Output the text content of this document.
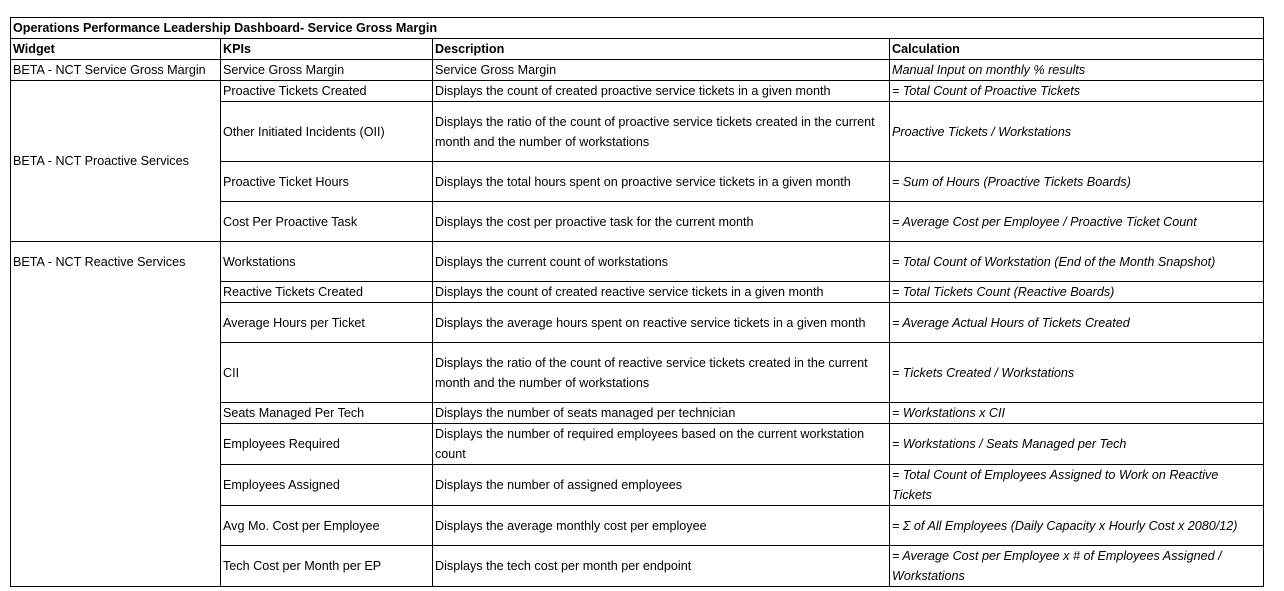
Operations Performance Leadership Dashboard- Service Gross Margin			
Widget	KPIs	Description	Calculation
BETA - NCT Service Gross Margin	Service Gross Margin	Service Gross Margin	Manual Input on monthly % results
BETA - NCT Proactive Services	Proactive Tickets Created	Displays the count of created proactive service tickets in a given month	= Total Count of Proactive Tickets
	Other Initiated Incidents (OII)	Displays the ratio of the count of proactive service tickets created in the current month and the number of workstations	Proactive Tickets / Workstations
	Proactive Ticket Hours	Displays the total hours spent on proactive service tickets in a given month	= Sum of Hours (Proactive Tickets Boards)
	Cost Per Proactive Task	Displays the cost per proactive task for the current month	= Average Cost per Employee / Proactive Ticket Count
BETA - NCT Reactive Services	Workstations	Displays the current count of workstations	= Total Count of Workstation (End of the Month Snapshot)
	Reactive Tickets Created	Displays the count of created reactive service tickets in a given month	= Total Tickets Count (Reactive Boards)
	Average Hours per Ticket	Displays the average hours spent on reactive service tickets in a given month	= Average Actual Hours of Tickets Created
	CII	Displays the ratio of the count of reactive service tickets created in the current month and the number of workstations	= Tickets Created / Workstations
	Seats Managed Per Tech	Displays the number of seats managed per technician	= Workstations x CII
	Employees Required	Displays the number of required employees based on the current workstation count	= Workstations / Seats Managed per Tech
	Employees Assigned	Displays the number of assigned employees	= Total Count of Employees Assigned to Work on Reactive Tickets
	Avg Mo. Cost per Employee	Displays the average monthly cost per employee	= Σ of All Employees (Daily Capacity x Hourly Cost x 2080/12)
	Tech Cost per Month per EP	Displays the tech cost per month per endpoint	= Average Cost per Employee x # of Employees Assigned / Workstations
